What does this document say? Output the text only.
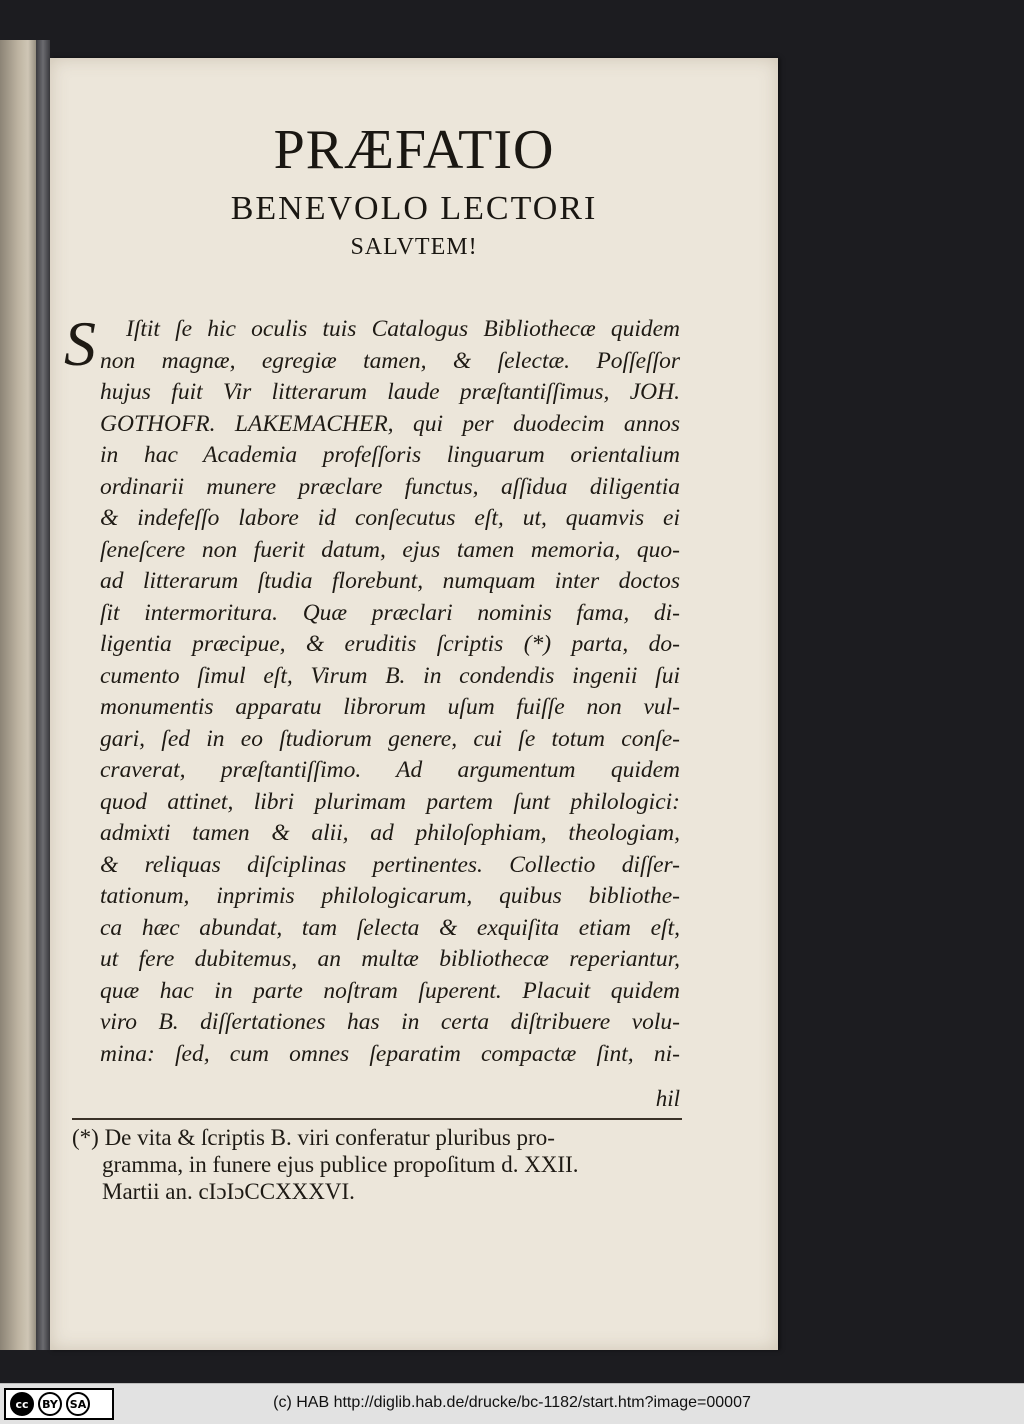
PRÆFATIO
BENEVOLO LECTORI
SALVTEM!
S	Iſtit ſe hic oculis tuis Catalogus Bibliothecæ quidem
non magnæ, egregiæ tamen, & ſelectæ. Poſſeſſor
hujus fuit Vir litterarum laude præſtantiſſimus, JOH.
GOTHOFR. LAKEMACHER, qui per duodecim annos
in hac Academia profeſſoris linguarum orientalium
ordinarii munere præclare functus, aſſidua diligentia
& indefeſſo labore id conſecutus eſt, ut, quamvis ei
ſeneſcere non fuerit datum, ejus tamen memoria, quo-
ad litterarum ſtudia florebunt, numquam inter doctos
ſit intermoritura. Quæ præclari nominis fama, di-
ligentia præcipue, & eruditis ſcriptis (*) parta, do-
cumento ſimul eſt, Virum B. in condendis ingenii ſui
monumentis apparatu librorum uſum fuiſſe non vul-
gari, ſed in eo ſtudiorum genere, cui ſe totum conſe-
craverat, præſtantiſſimo. Ad argumentum quidem
quod attinet, libri plurimam partem ſunt philologici:
admixti tamen & alii, ad philoſophiam, theologiam,
& reliquas diſciplinas pertinentes. Collectio diſſer-
tationum, inprimis philologicarum, quibus bibliothe-
ca hæc abundat, tam ſelecta & exquiſita etiam eſt,
ut fere dubitemus, an multæ bibliothecæ reperiantur,
quæ hac in parte noſtram ſuperent. Placuit quidem
viro B. diſſertationes has in certa diſtribuere volu-
mina: ſed, cum omnes ſeparatim compactæ ſint, ni-
hil
(*) De vita & ſcriptis B. viri conferatur pluribus pro-
gramma, in funere ejus publice propoſitum d. XXII.
Martii an. cIɔIɔCCXXXVI.
cc	BY	SA	(c) HAB http://diglib.hab.de/drucke/bc-1182/start.htm?image=00007
